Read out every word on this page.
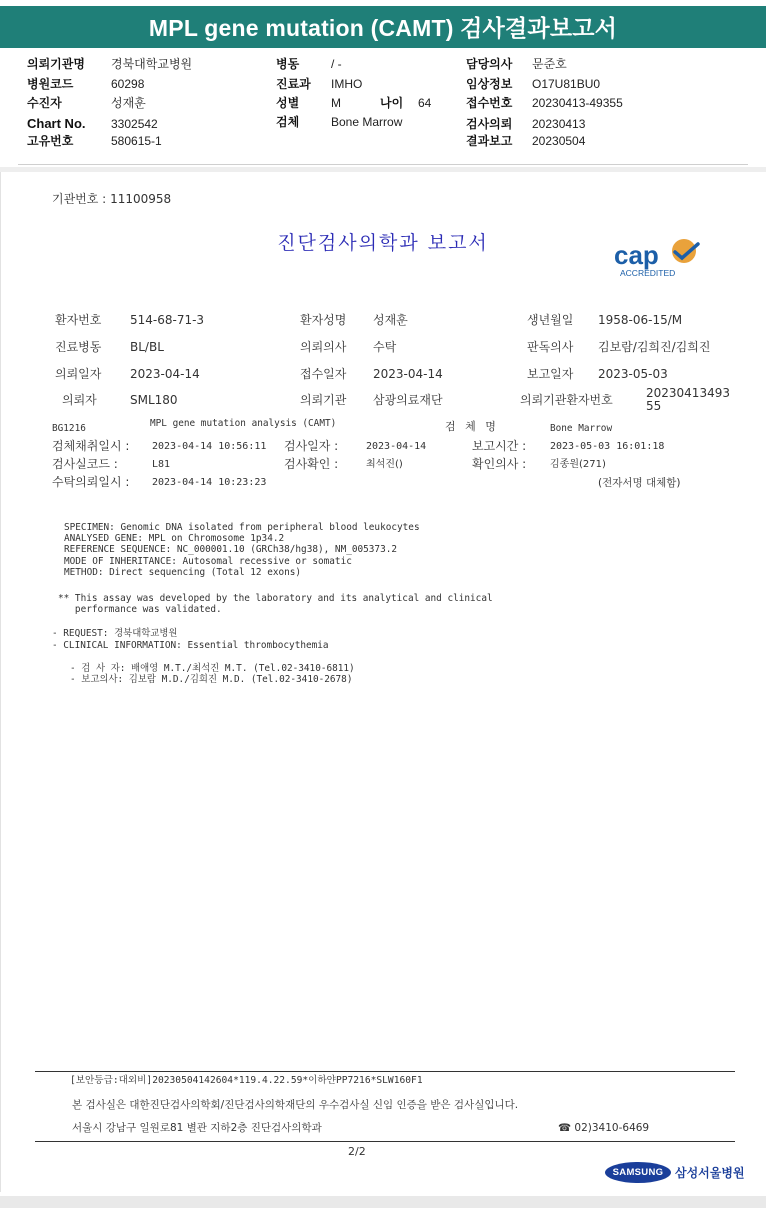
MPL gene mutation (CAMT) 검사결과보고서
의뢰기관명 경북대학교병원
병원코드	60298
수진자	성재훈
Chart No. 3302542
고유번호	580615-1
병동	/ -
진료과 IMHO
성별	M	나이 64
검체	Bone Marrow
담당의사 문준호
임상정보 O17U81BU0
접수번호 20230413-49355
검사의뢰 20230413
결과보고 20230504
기관번호 : 11100958
진단검사의학과 보고서	cap
ACCREDITED
환자번호 514-68-71-3	환자성명 성재훈	생년월일 1958-06-15/M
진료병동 BL/BL	의뢰의사 수탁	판독의사 김보람/김희진/김희진
의뢰일자 2023-04-14	접수일자 2023-04-14	보고일자 2023-05-03
의뢰자	SML180	의뢰기관 삼광의료재단	의뢰기관환자번호	2023041349355
BG1216	MPL gene mutation analysis (CAMT)	검 체 명	Bone Marrow
검체채취일시 : 2023-04-14 10:56:11 검사일자 :	2023-04-14	보고시간 : 2023-05-03 16:01:18
검사실코드 :	L81	검사확인 :	최석진()	확인의사 : 김종원(271)
수탁의뢰일시 : 2023-04-14 10:23:23	(전자서명 대체함)
SPECIMEN: Genomic DNA isolated from peripheral blood leukocytes
ANALYSED GENE: MPL on Chromosome 1p34.2
REFERENCE SEQUENCE: NC_000001.10 (GRCh38/hg38), NM_005373.2
MODE OF INHERITANCE: Autosomal recessive or somatic
METHOD: Direct sequencing (Total 12 exons)
** This assay was developed by the laboratory and its analytical and clinical
performance was validated.
- REQUEST: 경북대학교병원
- CLINICAL INFORMATION: Essential thrombocythemia
- 검 사 자: 배애영 M.T./최석진 M.T. (Tel.02-3410-6811)
- 보고의사: 김보람 M.D./김희진 M.D. (Tel.02-3410-2678)
[보안등급:대외비]20230504142604*119.4.22.59*이하얀PP7216*SLW160F1
본 검사실은 대한진단검사의학회/진단검사의학재단의 우수검사실 신임 인증을 받은 검사실입니다.
서울시 강남구 일원로81 별관 지하2층 진단검사의학과	☎ 02)3410-6469
2/2
SAMSUNG 삼성서울병원
